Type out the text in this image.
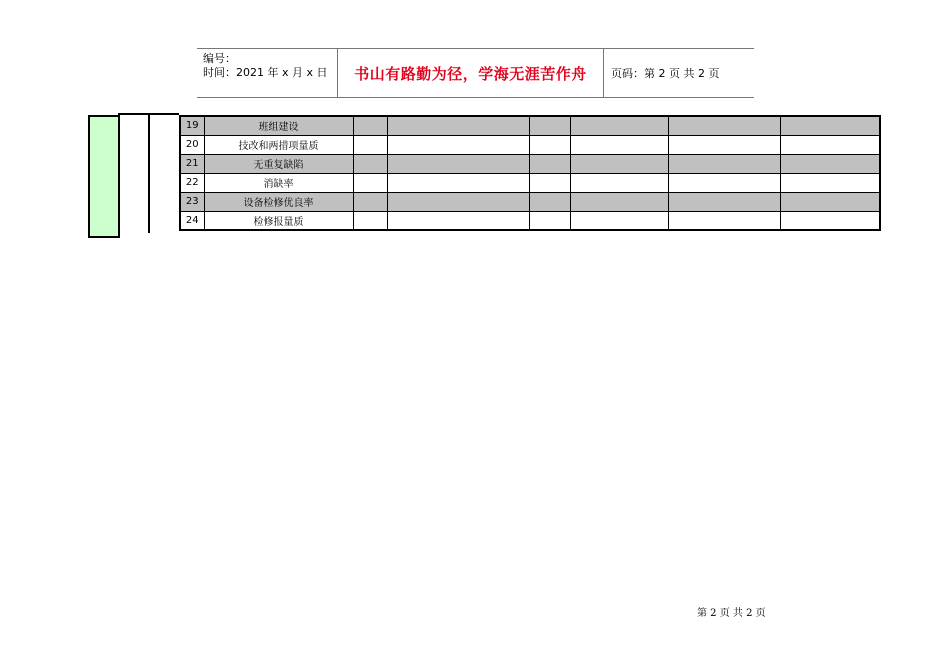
编号：
时间：2021 年 x 月 x 日	书山有路勤为径，学海无涯苦作舟	页码：第 2 页 共 2 页
19	班组建设						
20	技改和两措项量质						
21	无重复缺陷						
22	消缺率						
23	设备检修优良率						
24	检修报量质						
第 2 页 共 2 页
